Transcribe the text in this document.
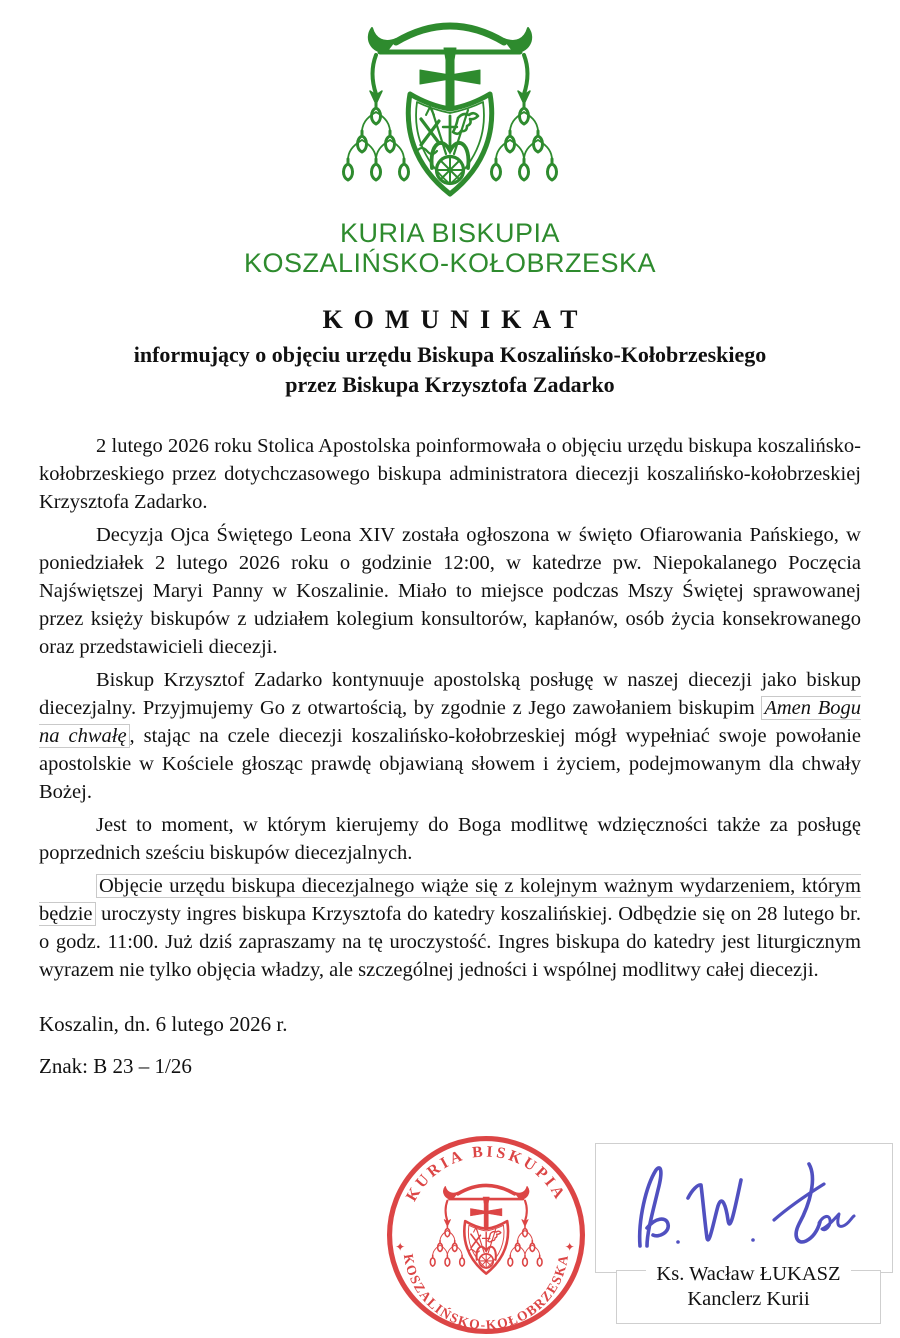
KURIA BISKUPIA
KOSZALIŃSKO-KOŁOBRZESKA
KOMUNIKAT
informujący o objęciu urzędu Biskupa Koszalińsko-Kołobrzeskiego
przez Biskupa Krzysztofa Zadarko

2 lutego 2026 roku Stolica Apostolska poinformowała o objęciu urzędu biskupa koszalińsko-kołobrzeskiego przez dotychczasowego biskupa administratora diecezji koszalińsko-kołobrzeskiej Krzysztofa Zadarko.

Decyzja Ojca Świętego Leona XIV została ogłoszona w święto Ofiarowania Pańskiego, w poniedziałek 2 lutego 2026 roku o godzinie 12:00, w katedrze pw. Niepokalanego Poczęcia Najświętszej Maryi Panny w Koszalinie. Miało to miejsce podczas Mszy Świętej sprawowanej przez księży biskupów z udziałem kolegium konsultorów, kapłanów, osób życia konsekrowanego oraz przedstawicieli diecezji.

Biskup Krzysztof Zadarko kontynuuje apostolską posługę w naszej diecezji jako biskup diecezjalny. Przyjmujemy Go z otwartością, by zgodnie z Jego zawołaniem biskupim Amen Bogu na chwałę , stając na czele diecezji koszalińsko-kołobrzeskiej mógł wypełniać swoje powołanie apostolskie w Kościele głosząc prawdę objawianą słowem i życiem, podejmowanym dla chwały Bożej.

Jest to moment, w którym kierujemy do Boga modlitwę wdzięczności także za posługę poprzednich sześciu biskupów diecezjalnych.

Objęcie urzędu biskupa diecezjalnego wiąże się z kolejnym ważnym wydarzeniem, którym będzie uroczysty ingres biskupa Krzysztofa do katedry koszalińskiej. Odbędzie się on 28 lutego br. o godz. 11:00. Już dziś zapraszamy na tę uroczystość. Ingres biskupa do katedry jest liturgicznym wyrazem nie tylko objęcia władzy, ale szczególnej jedności i wspólnej modlitwy całej diecezji.

Koszalin, dn. 6 lutego 2026 r.

Znak: B 23 – 1/26

KURIA BISKUPIA
KOSZALIŃSKO-KOŁOBRZESKA
✦	✦
Ks. Wacław ŁUKASZ
Kanclerz Kurii
